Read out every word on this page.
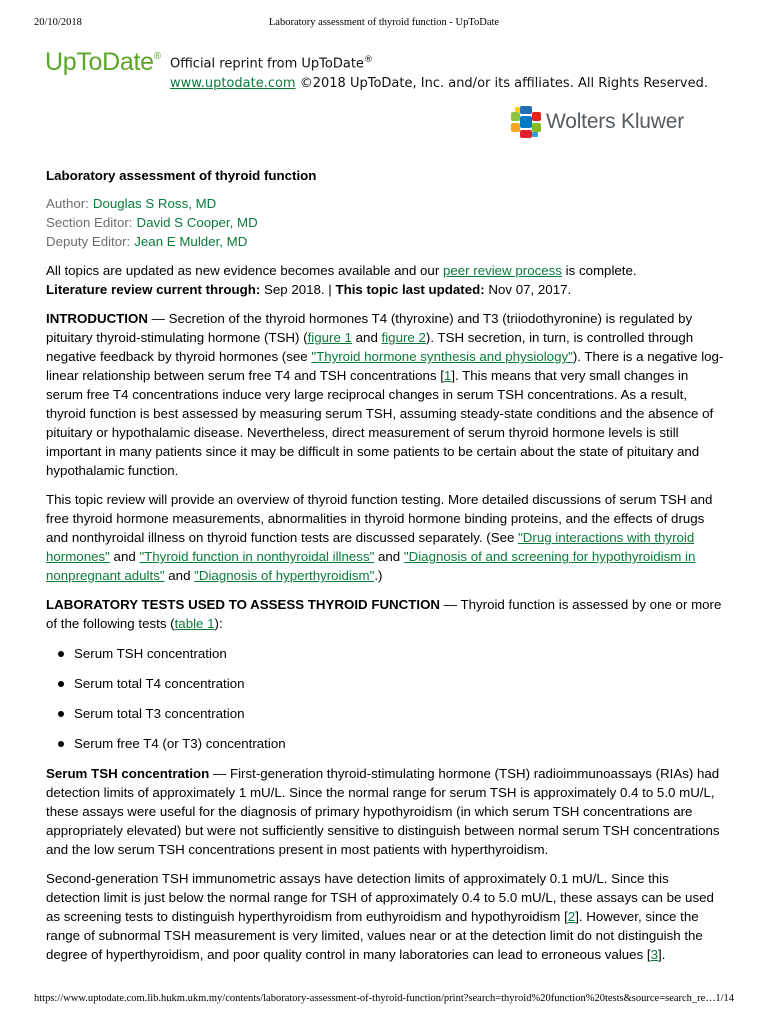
20/10/2018	Laboratory assessment of thyroid function - UpToDate
UpToDate® Official reprint from UpToDate®
www.uptodate.com ©2018 UpToDate, Inc. and/or its affiliates. All Rights Reserved.
Wolters Kluwer
Laboratory assessment of thyroid function
Author: Douglas S Ross, MD
Section Editor: David S Cooper, MD
Deputy Editor: Jean E Mulder, MD

All topics are updated as new evidence becomes available and our peer review process is complete.

Literature review current through: Sep 2018. | This topic last updated: Nov 07, 2017.

INTRODUCTION — Secretion of the thyroid hormones T4 (thyroxine) and T3 (triiodothyronine) is regulated by pituitary thyroid-stimulating hormone (TSH) (figure 1 and figure 2). TSH secretion, in turn, is controlled through negative feedback by thyroid hormones (see "Thyroid hormone synthesis and physiology"). There is a negative log-linear relationship between serum free T4 and TSH concentrations [1]. This means that very small changes in serum free T4 concentrations induce very large reciprocal changes in serum TSH concentrations. As a result, thyroid function is best assessed by measuring serum TSH, assuming steady-state conditions and the absence of pituitary or hypothalamic disease. Nevertheless, direct measurement of serum thyroid hormone levels is still important in many patients since it may be difficult in some patients to be certain about the state of pituitary and hypothalamic function.

This topic review will provide an overview of thyroid function testing. More detailed discussions of serum TSH and free thyroid hormone measurements, abnormalities in thyroid hormone binding proteins, and the effects of drugs and nonthyroidal illness on thyroid function tests are discussed separately. (See "Drug interactions with thyroid hormones" and "Thyroid function in nonthyroidal illness" and "Diagnosis of and screening for hypothyroidism in nonpregnant adults" and "Diagnosis of hyperthyroidism".)

LABORATORY TESTS USED TO ASSESS THYROID FUNCTION — Thyroid function is assessed by one or more of the following tests (table 1):

Serum TSH concentration
Serum total T4 concentration
Serum total T3 concentration
Serum free T4 (or T3) concentration

Serum TSH concentration — First-generation thyroid-stimulating hormone (TSH) radioimmunoassays (RIAs) had detection limits of approximately 1 mU/L. Since the normal range for serum TSH is approximately 0.4 to 5.0 mU/L, these assays were useful for the diagnosis of primary hypothyroidism (in which serum TSH concentrations are appropriately elevated) but were not sufficiently sensitive to distinguish between normal serum TSH concentrations and the low serum TSH concentrations present in most patients with hyperthyroidism.

Second-generation TSH immunometric assays have detection limits of approximately 0.1 mU/L. Since this detection limit is just below the normal range for TSH of approximately 0.4 to 5.0 mU/L, these assays can be used as screening tests to distinguish hyperthyroidism from euthyroidism and hypothyroidism [2]. However, since the range of subnormal TSH measurement is very limited, values near or at the detection limit do not distinguish the degree of hyperthyroidism, and poor quality control in many laboratories can lead to erroneous values [3].

https://www.uptodate.com.lib.hukm.ukm.my/contents/laboratory-assessment-of-thyroid-function/print?search=thyroid%20function%20tests&source=search_re… 1/14
